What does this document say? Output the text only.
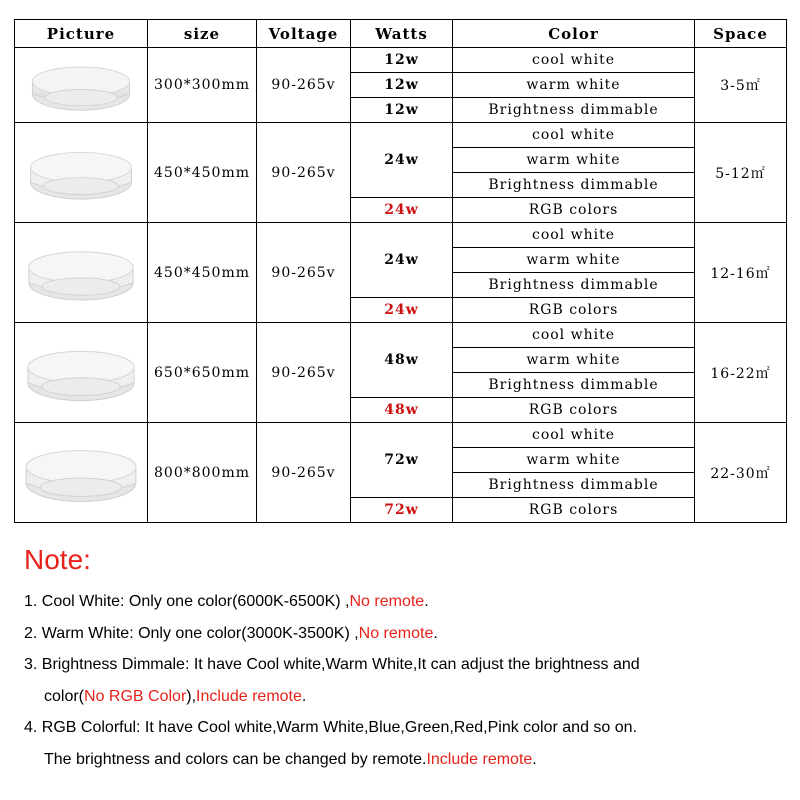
Picture	size	Voltage	Watts	Color	Space

	300*300mm	90-265v	12w	cool white	3-5㎡
			12w	warm white	
			12w	Brightness dimmable	

	450*450mm	90-265v	24w	cool white	5-12㎡
				warm white	
				Brightness dimmable	
			24w	RGB colors	

	450*450mm	90-265v	24w	cool white	12-16㎡
				warm white	
				Brightness dimmable	
			24w	RGB colors	

	650*650mm	90-265v	48w	cool white	16-22㎡
				warm white	
				Brightness dimmable	
			48w	RGB colors	

	800*800mm	90-265v	72w	cool white	22-30㎡
				warm white	
				Brightness dimmable	
			72w	RGB colors	
Note:

1. Cool White: Only one color(6000K-6500K) ,No remote.

2. Warm White: Only one color(3000K-3500K) ,No remote.

3. Brightness Dimmale: It have Cool white,Warm White,It can adjust the brightness and

color(No RGB Color),Include remote.

4. RGB Colorful: It have Cool white,Warm White,Blue,Green,Red,Pink color and so on.

The brightness and colors can be changed by remote.Include remote.
